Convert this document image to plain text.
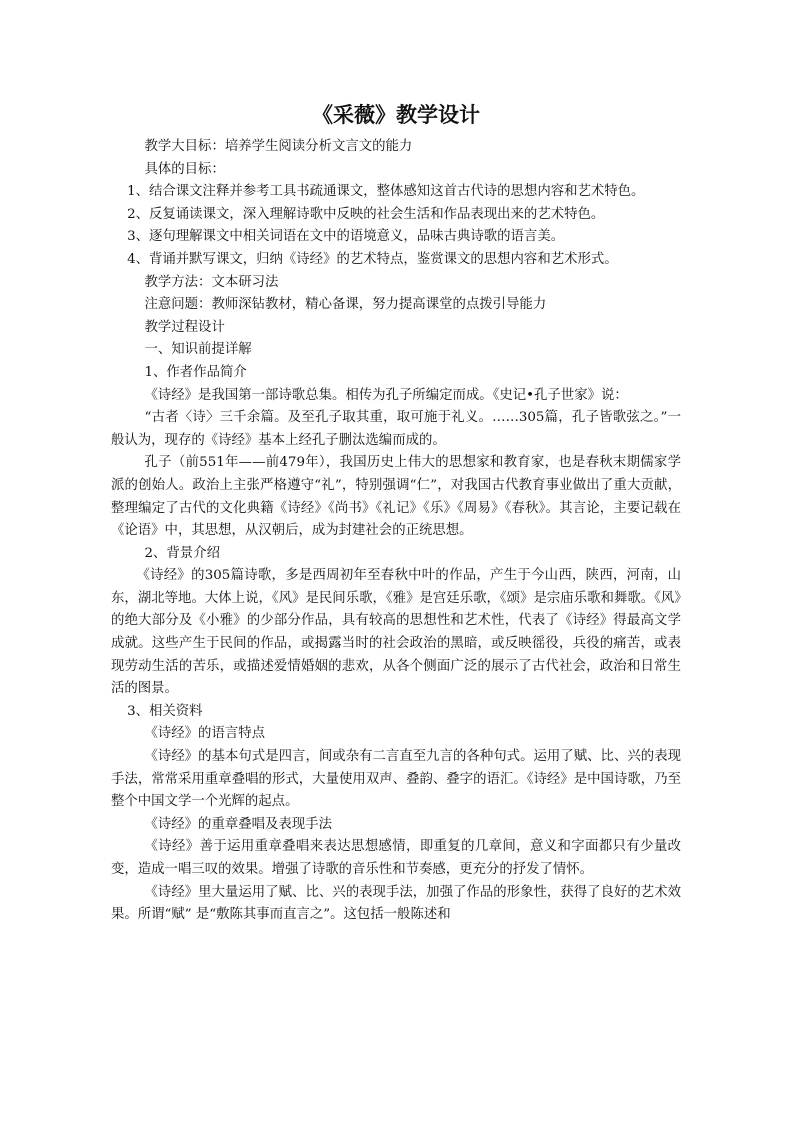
《采薇》教学设计

教学大目标：培养学生阅读分析文言文的能力

具体的目标：

1、结合课文注释并参考工具书疏通课文，整体感知这首古代诗的思想内容和艺术特色。

2、反复诵读课文，深入理解诗歌中反映的社会生活和作品表现出来的艺术特色。

3、逐句理解课文中相关词语在文中的语境意义，品味古典诗歌的语言美。

4、背诵并默写课文，归纳《诗经》的艺术特点，鉴赏课文的思想内容和艺术形式。

教学方法：文本研习法

注意问题：教师深钻教材，精心备课，努力提高课堂的点拨引导能力

教学过程设计

一、知识前提详解

1、作者作品简介

《诗经》是我国第一部诗歌总集。相传为孔子所编定而成。《史记•孔子世家》说：

“古者〈诗〉三千余篇。及至孔子取其重，取可施于礼义。……305篇，孔子皆歌弦之。”一般认为，现存的《诗经》基本上经孔子删汰选编而成的。

孔子（前551年——前479年），我国历史上伟大的思想家和教育家，也是春秋末期儒家学派的创始人。政治上主张严格遵守“礼”，特别强调“仁”，对我国古代教育事业做出了重大贡献，整理编定了古代的文化典籍《诗经》《尚书》《礼记》《乐》《周易》《春秋》。其言论，主要记载在《论语》中，其思想，从汉朝后，成为封建社会的正统思想。

2、背景介绍

《诗经》的305篇诗歌，多是西周初年至春秋中叶的作品，产生于今山西，陕西，河南，山东，湖北等地。大体上说，《风》是民间乐歌，《雅》是宫廷乐歌，《颂》是宗庙乐歌和舞歌。《风》的绝大部分及《小雅》的少部分作品，具有较高的思想性和艺术性，代表了《诗经》得最高文学成就。这些产生于民间的作品，或揭露当时的社会政治的黑暗，或反映徭役，兵役的痛苦，或表现劳动生活的苦乐，或描述爱情婚姻的悲欢，从各个侧面广泛的展示了古代社会，政治和日常生活的图景。

3、相关资料

《诗经》的语言特点

《诗经》的基本句式是四言，间或杂有二言直至九言的各种句式。运用了赋、比、兴的表现手法，常常采用重章叠唱的形式，大量使用双声、叠韵、叠字的语汇。《诗经》是中国诗歌，乃至整个中国文学一个光辉的起点。

《诗经》的重章叠唱及表现手法

《诗经》善于运用重章叠唱来表达思想感情，即重复的几章间，意义和字面都只有少量改变，造成一唱三叹的效果。增强了诗歌的音乐性和节奏感，更充分的抒发了情怀。

《诗经》里大量运用了赋、比、兴的表现手法，加强了作品的形象性，获得了良好的艺术效果。所谓“赋” 是“敷陈其事而直言之”。这包括一般陈述和
